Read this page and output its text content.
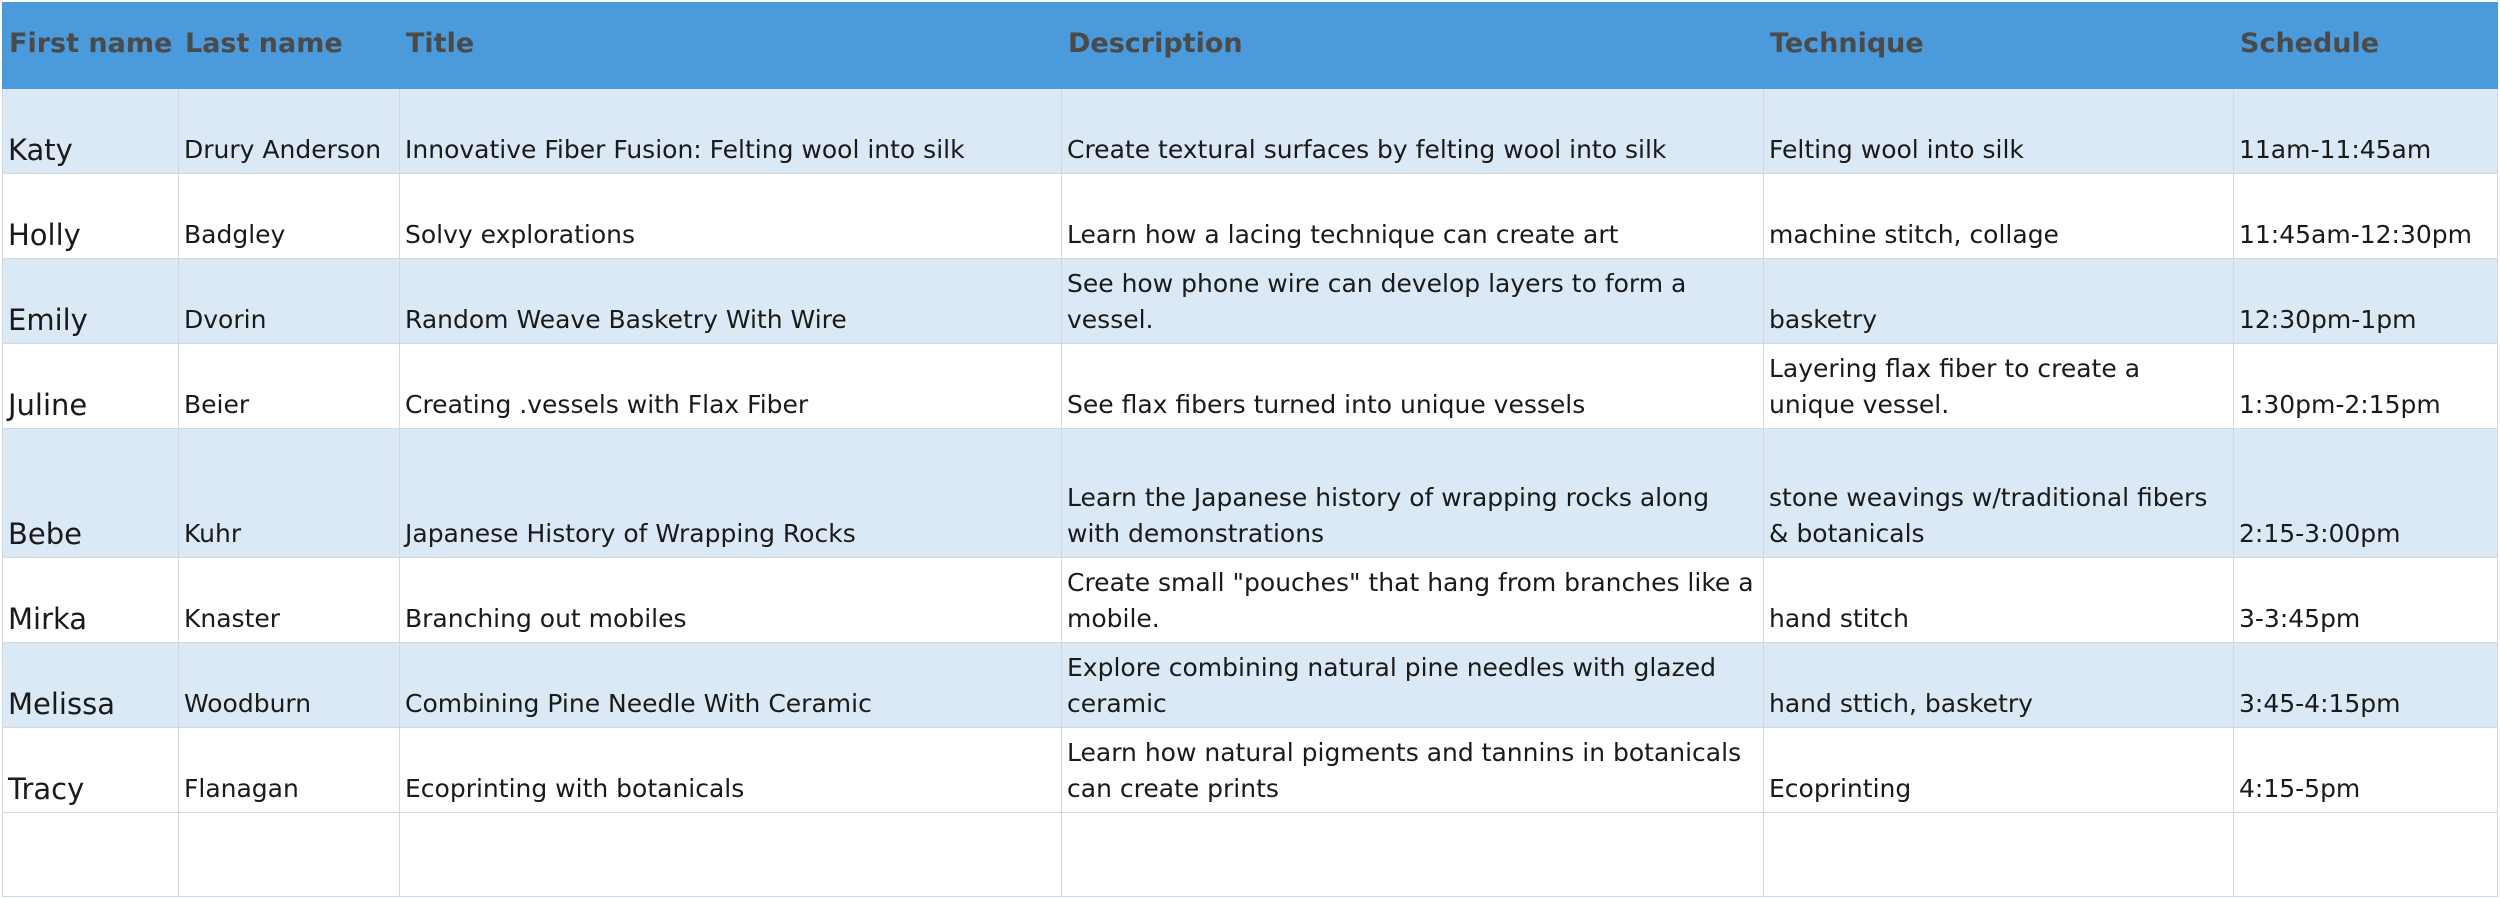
First name	Last name	Title	Description	Technique	Schedule
Katy	Drury Anderson	Innovative Fiber Fusion: Felting wool into silk	Create textural surfaces by felting wool into silk	Felting wool into silk	11am-11:45am
Holly	Badgley	Solvy explorations	Learn how a lacing technique can create art	machine stitch, collage	11:45am-12:30pm
Emily	Dvorin	Random Weave Basketry With Wire	See how phone wire can develop layers to form a vessel.	basketry	12:30pm-1pm
Juline	Beier	Creating .vessels with Flax Fiber	See flax fibers turned into unique vessels	Layering flax fiber to create a unique vessel.	1:30pm-2:15pm
Bebe	Kuhr	Japanese History of Wrapping Rocks	Learn the Japanese history of wrapping rocks along with demonstrations	stone weavings w/traditional fibers & botanicals	2:15-3:00pm
Mirka	Knaster	Branching out mobiles	Create small "pouches" that hang from branches like a mobile.	hand stitch	3-3:45pm
Melissa	Woodburn	Combining Pine Needle With Ceramic	Explore combining natural pine needles with glazed ceramic	hand sttich, basketry	3:45-4:15pm
Tracy	Flanagan	Ecoprinting with botanicals	Learn how natural pigments and tannins in botanicals can create prints	Ecoprinting	4:15-5pm
